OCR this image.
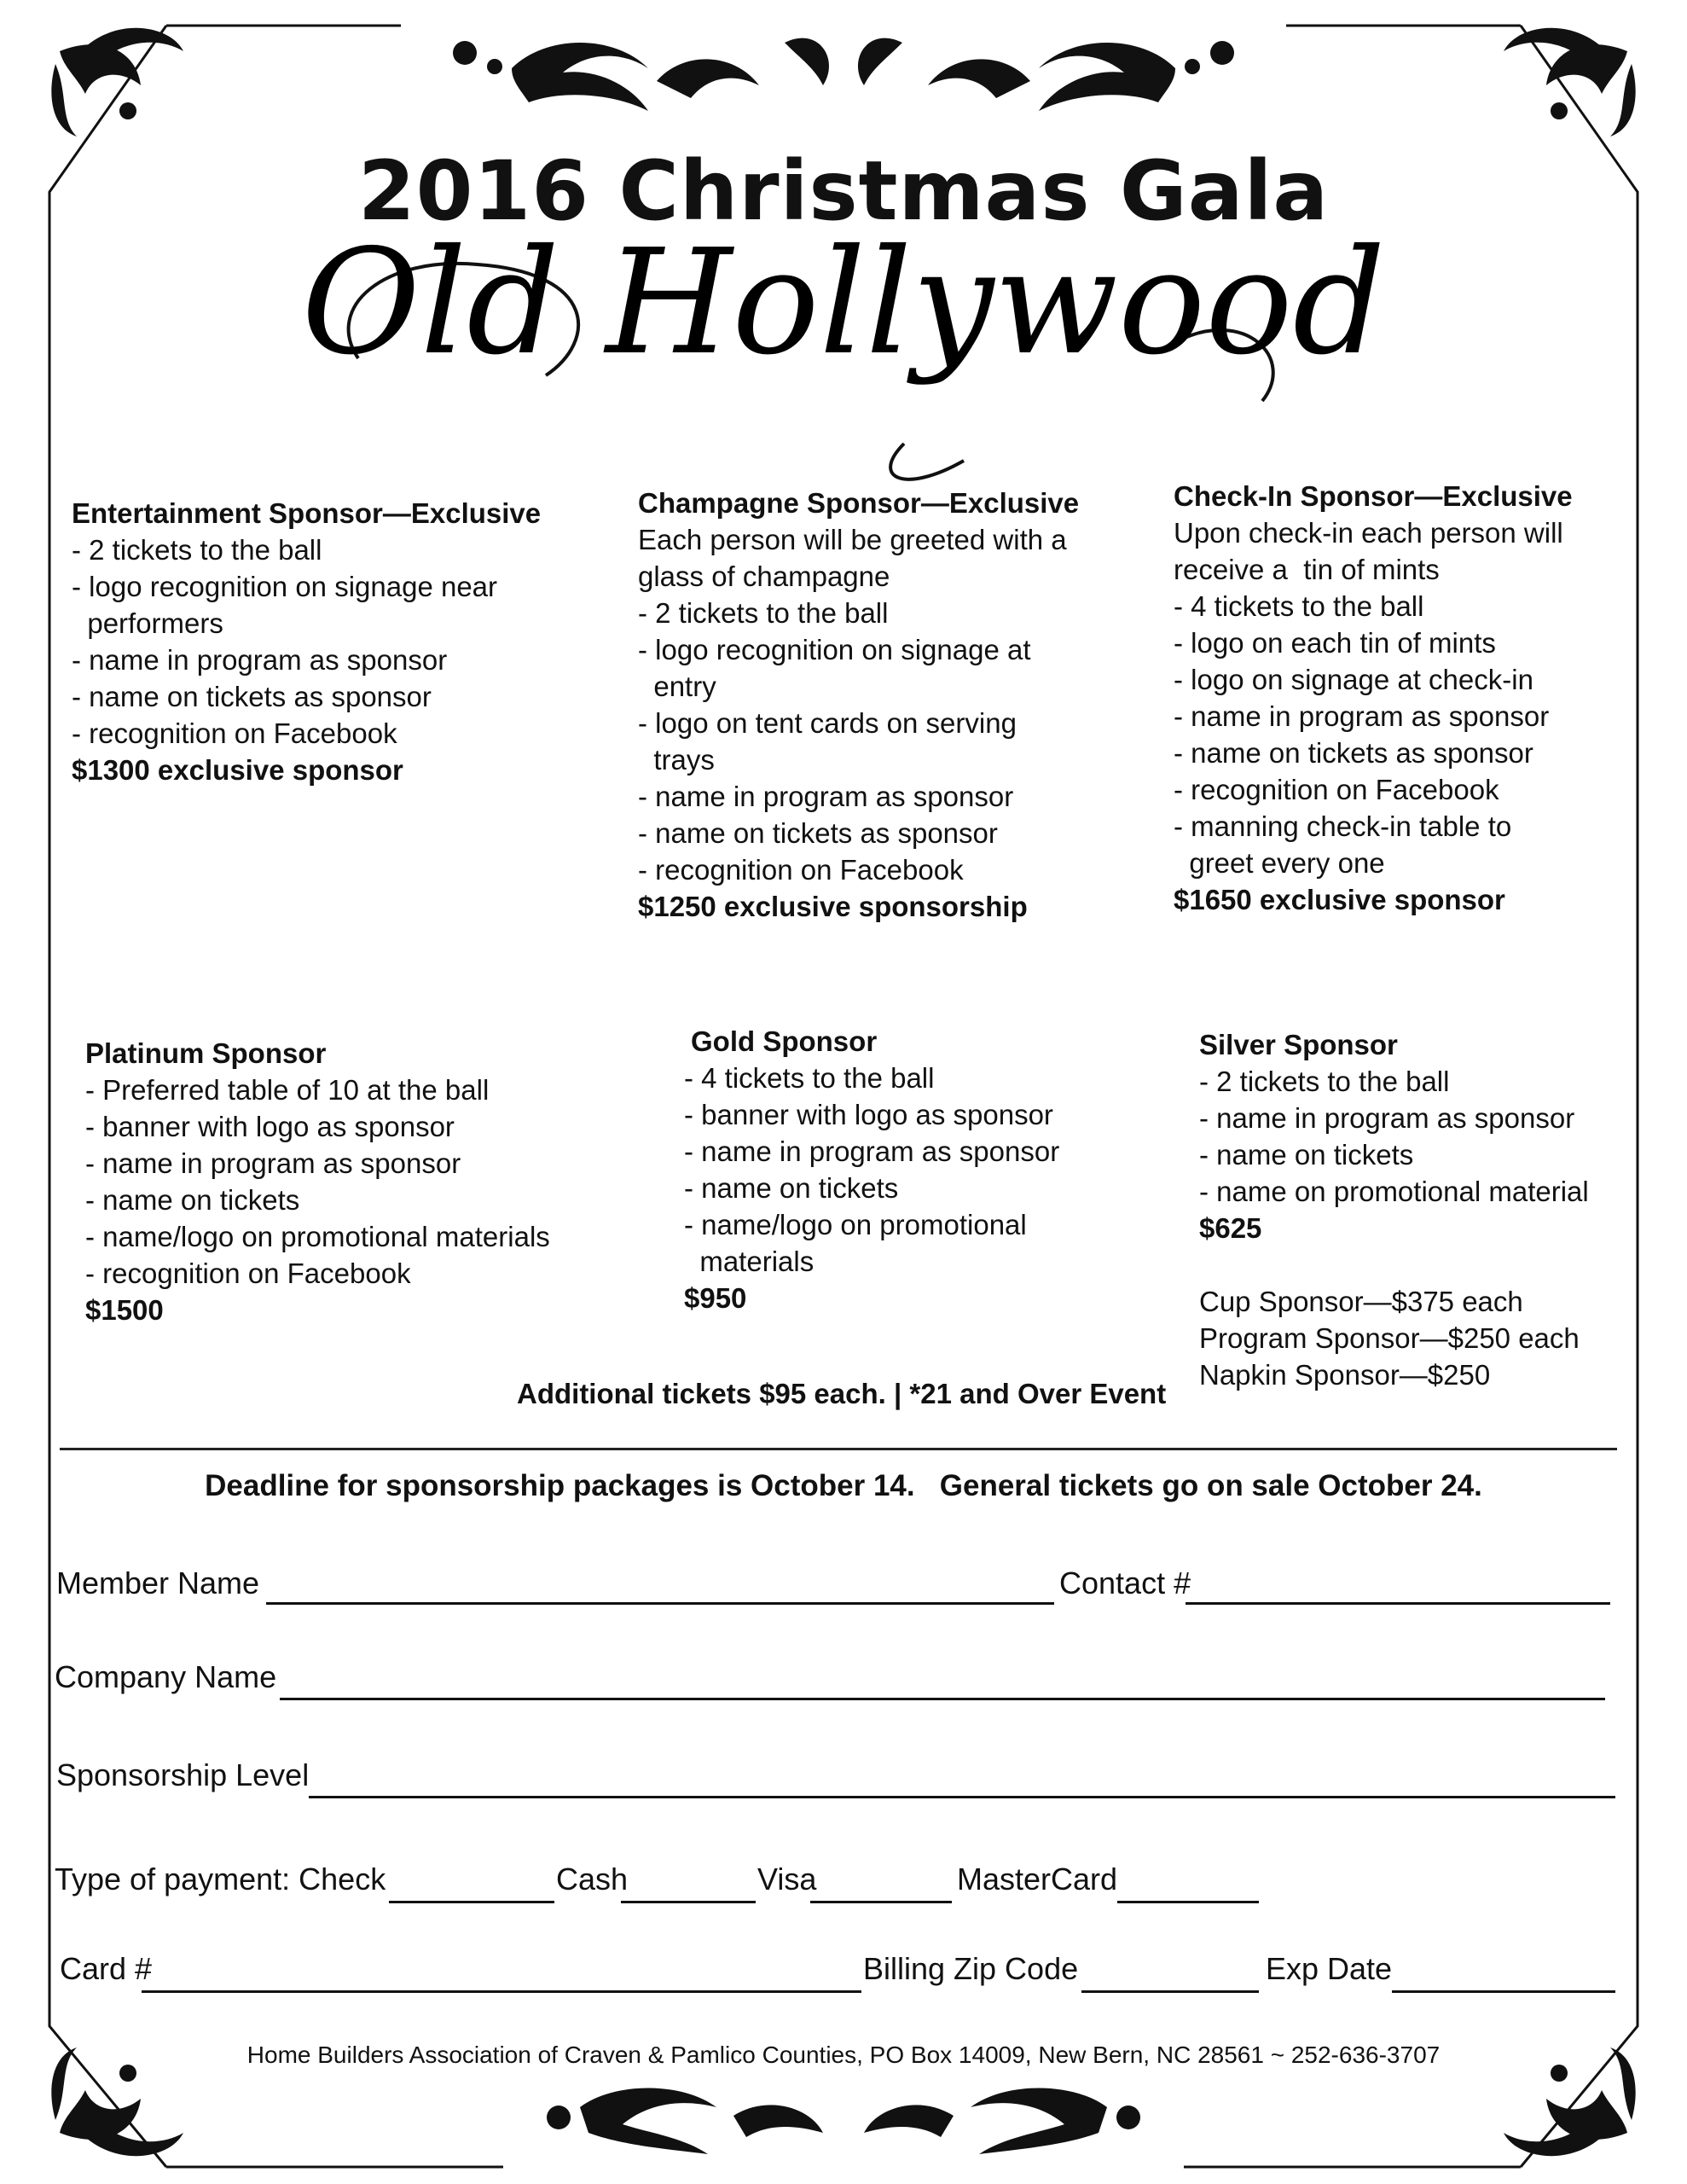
2016 Christmas Gala
Old Hollywood
Entertainment Sponsor—Exclusive
- 2 tickets to the ball
- logo recognition on signage near
performers
- name in program as sponsor
- name on tickets as sponsor
- recognition on Facebook
$1300 exclusive sponsor
Champagne Sponsor—Exclusive
Each person will be greeted with a
glass of champagne
- 2 tickets to the ball
- logo recognition on signage at
entry
- logo on tent cards on serving
trays
- name in program as sponsor
- name on tickets as sponsor
- recognition on Facebook
$1250 exclusive sponsorship
Check-In Sponsor—Exclusive
Upon check-in each person will
receive a  tin of mints
- 4 tickets to the ball
- logo on each tin of mints
- logo on signage at check-in
- name in program as sponsor
- name on tickets as sponsor
- recognition on Facebook
- manning check-in table to
greet every one
$1650 exclusive sponsor
Platinum Sponsor
- Preferred table of 10 at the ball
- banner with logo as sponsor
- name in program as sponsor
- name on tickets
- name/logo on promotional materials
- recognition on Facebook
$1500
Gold Sponsor
- 4 tickets to the ball
- banner with logo as sponsor
- name in program as sponsor
- name on tickets
- name/logo on promotional
materials
$950
Silver Sponsor
- 2 tickets to the ball
- name in program as sponsor
- name on tickets
- name on promotional material
$625

Cup Sponsor—$375 each
Program Sponsor—$250 each
Napkin Sponsor—$250
Additional tickets $95 each. | *21 and Over Event
Deadline for sponsorship packages is October 14.   General tickets go on sale October 24.
Member Name	Contact #
Company Name
Sponsorship Level
Type of payment: Check	Cash	Visa	MasterCard
Card #	Billing Zip Code	Exp Date
Home Builders Association of Craven & Pamlico Counties, PO Box 14009, New Bern, NC 28561 ~ 252-636-3707
